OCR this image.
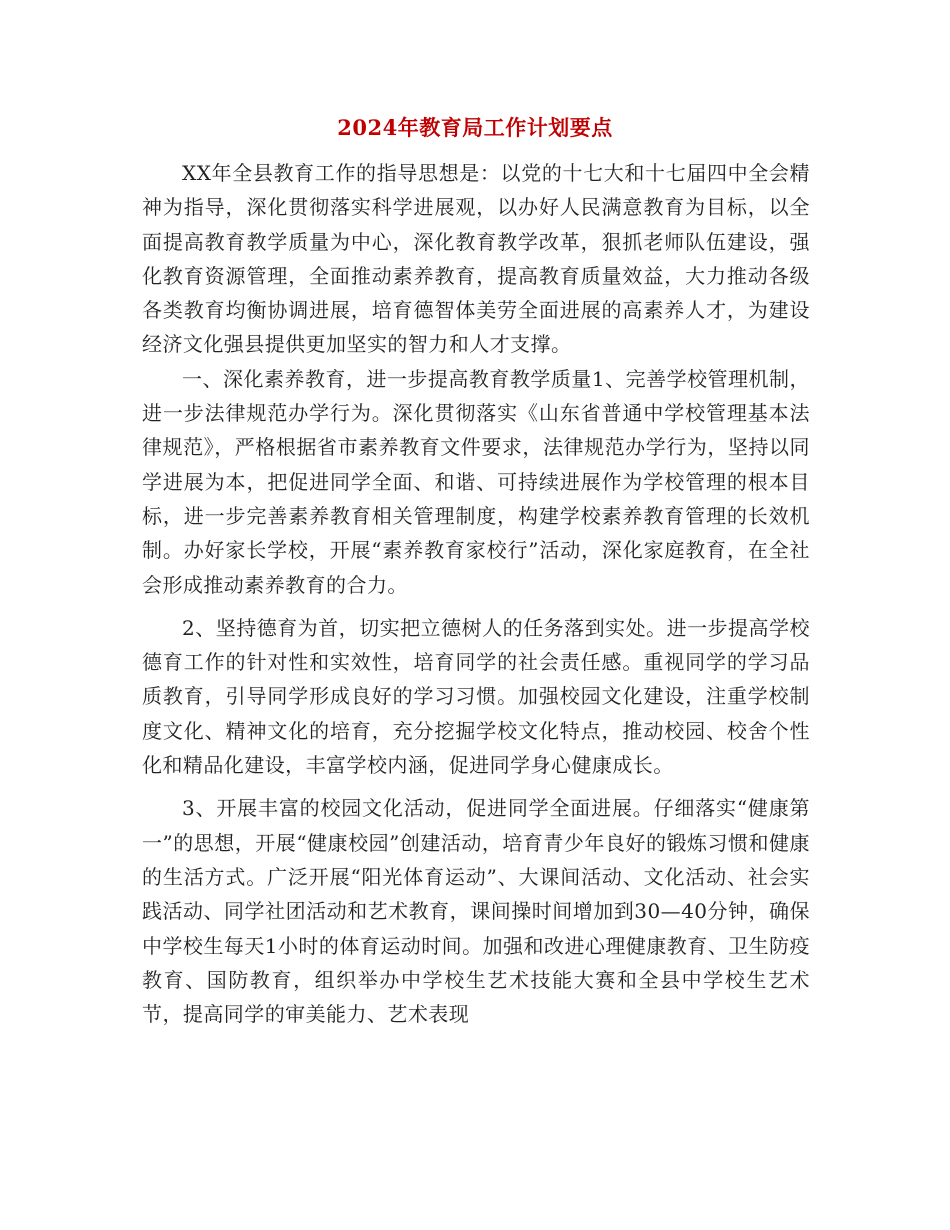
2024年教育局工作计划要点

XX年全县教育工作的指导思想是：以党的十七大和十七届四中全会精神为指导，深化贯彻落实科学进展观，以办好人民满意教育为目标，以全面提高教育教学质量为中心，深化教育教学改革，狠抓老师队伍建设，强化教育资源管理，全面推动素养教育，提高教育质量效益，大力推动各级各类教育均衡协调进展，培育德智体美劳全面进展的高素养人才，为建设经济文化强县提供更加坚实的智力和人才支撑。

一、深化素养教育，进一步提高教育教学质量1、完善学校管理机制，进一步法律规范办学行为。深化贯彻落实《山东省普通中学校管理基本法律规范》，严格根据省市素养教育文件要求，法律规范办学行为，坚持以同学进展为本，把促进同学全面、和谐、可持续进展作为学校管理的根本目标，进一步完善素养教育相关管理制度，构建学校素养教育管理的长效机制。办好家长学校，开展“素养教育家校行”活动，深化家庭教育，在全社会形成推动素养教育的合力。

2、坚持德育为首，切实把立德树人的任务落到实处。进一步提高学校德育工作的针对性和实效性，培育同学的社会责任感。重视同学的学习品质教育，引导同学形成良好的学习习惯。加强校园文化建设，注重学校制度文化、精神文化的培育，充分挖掘学校文化特点，推动校园、校舍个性化和精品化建设，丰富学校内涵，促进同学身心健康成长。

3、开展丰富的校园文化活动，促进同学全面进展。仔细落实“健康第一”的思想，开展“健康校园”创建活动，培育青少年良好的锻炼习惯和健康的生活方式。广泛开展“阳光体育运动”、大课间活动、文化活动、社会实践活动、同学社团活动和艺术教育，课间操时间增加到30—40分钟，确保中学校生每天1小时的体育运动时间。加强和改进心理健康教育、卫生防疫教育、国防教育，组织举办中学校生艺术技能大赛和全县中学校生艺术节，提高同学的审美能力、艺术表现
